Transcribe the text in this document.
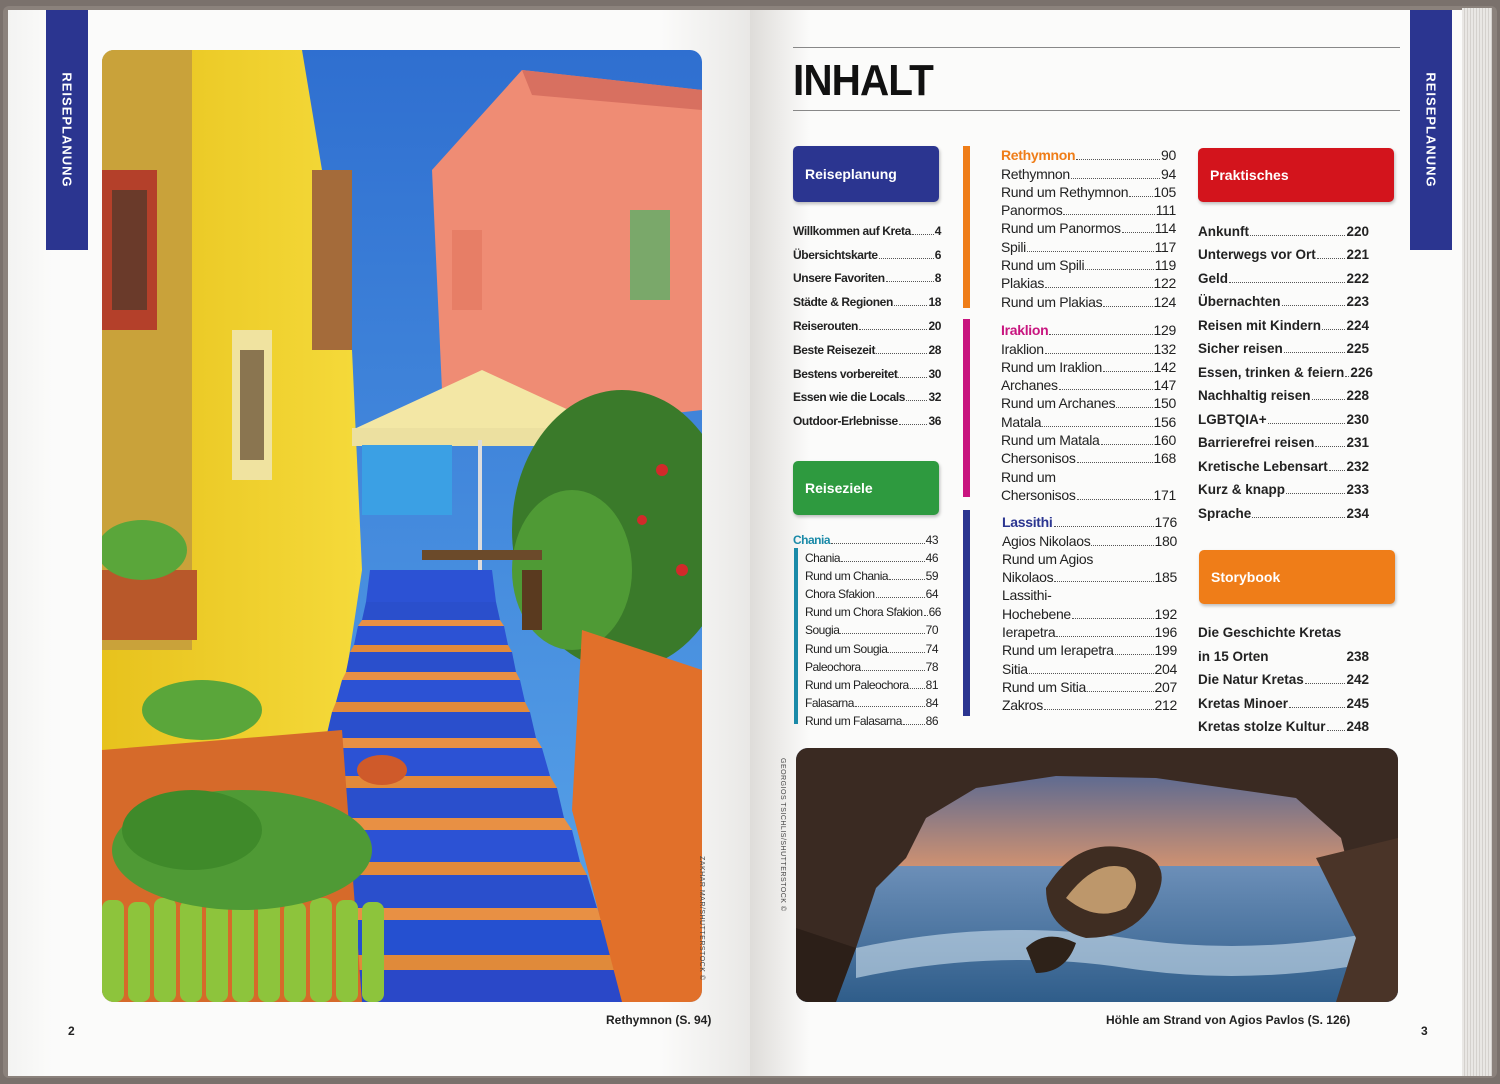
REISEPLANUNG
ZAKHAR MAR/SHUTTERSTOCK ©
Rethymnon (S. 94)
2
INHALT	REISEPLANUNG
Reiseplanung
Willkommen auf Kreta 4
Übersichtskarte	6
Unsere Favoriten	8
Städte & Regionen	18
Reiserouten	20
Beste Reisezeit	28
Bestens vorbereitet	30
Essen wie die Locals 32
Outdoor-Erlebnisse	36
Reiseziele
Chania	43
Chania	46
Rund um Chania	59
Chora Sfakion	64
Rund um Chora Sfakion 66
Sougia	70
Rund um Sougia	74
Paleochora	78
Rund um Paleochora 81
Falasarna	84
Rund um Falasarna 86
Rethymnon	90
Rethymnon	94
Rund um Rethymnon 105
Panormos	111
Rund um Panormos 114
Spili	117
Rund um Spili	119
Plakias	122
Rund um Plakias	124
Iraklion	129
Iraklion	132
Rund um Iraklion	142
Archanes	147
Rund um Archanes	150
Matala	156
Rund um Matala	160
Chersonisos	168
Rund um
Chersonisos	171
Lassithi	176
Agios Nikolaos	180
Rund um Agios
Nikolaos	185
Lassithi-
Hochebene	192
Ierapetra	196
Rund um Ierapetra	199
Sitia	204
Rund um Sitia	207
Zakros	212
Praktisches
Ankunft	220
Unterwegs vor Ort 221
Geld	222
Übernachten	223
Reisen mit Kindern 224
Sicher reisen	225
Essen, trinken & feiern 226
Nachhaltig reisen	228
LGBTQIA+	230
Barrierefrei reisen 231
Kretische Lebensart 232
Kurz & knapp	233
Sprache	234
Storybook
Die Geschichte Kretas
in 15 Orten	238
Die Natur Kretas	242
Kretas Minoer	245
Kretas stolze Kultur 248
GEORGIOS TSICHLIS/SHUTTERSTOCK ©
Höhle am Strand von Agios Pavlos (S. 126)
3
